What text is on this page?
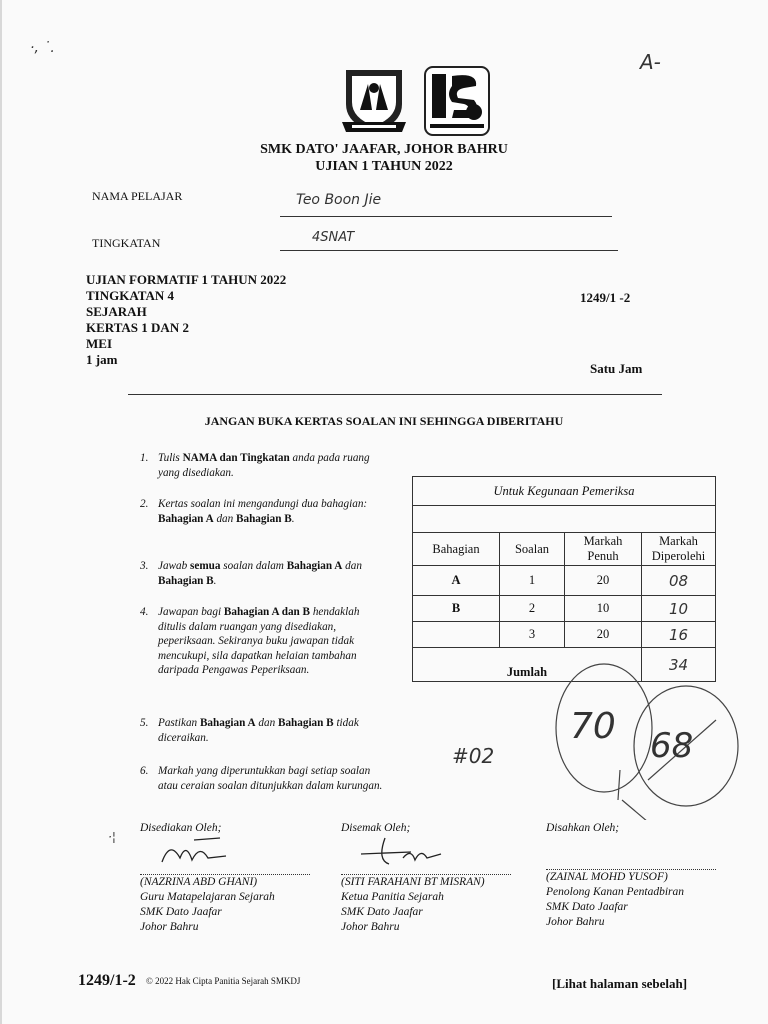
·, ˙.
A-
SMK DATO' JAAFAR, JOHOR BAHRU
UJIAN 1 TAHUN 2022
NAMA PELAJAR	Teo Boon Jie
TINGKATAN	4SNAT
UJIAN FORMATIF 1 TAHUN 2022
TINGKATAN 4
SEJARAH
KERTAS 1 DAN 2
MEI
1 jam
1249/1 -2
Satu Jam
JANGAN BUKA KERTAS SOALAN INI SEHINGGA DIBERITAHU
1. Tulis NAMA dan Tingkatan anda pada ruang yang disediakan.
2. Kertas soalan ini mengandungi dua bahagian: Bahagian A dan Bahagian B.
3. Jawab semua soalan dalam Bahagian A dan Bahagian B.
4. Jawapan bagi Bahagian A dan B hendaklah ditulis dalam ruangan yang disediakan, peperiksaan. Sekiranya buku jawapan tidak mencukupi, sila dapatkan helaian tambahan daripada Pengawas Peperiksaan.
5. Pastikan Bahagian A dan Bahagian B tidak diceraikan.
6. Markah yang diperuntukkan bagi setiap soalan atau ceraian soalan ditunjukkan dalam kurungan.
Untuk Kegunaan Pemeriksa			

Bahagian	Soalan	Markah Penuh	Markah Diperolehi
A	1	20	08
B	2	10	10
	3	20	16
Jumlah			34
70 68
#02
·¦
Disediakan Oleh;
(NAZRINA ABD GHANI)
Guru Matapelajaran Sejarah
SMK Dato Jaafar
Johor Bahru
Disemak Oleh;
(SITI FARAHANI BT MISRAN)
Ketua Panitia Sejarah
SMK Dato Jaafar
Johor Bahru
Disahkan Oleh;
(ZAINAL MOHD YUSOF)
Penolong Kanan Pentadbiran
SMK Dato Jaafar
Johor Bahru
1249/1-2 © 2022 Hak Cipta Panitia Sejarah SMKDJ	[Lihat halaman sebelah]
